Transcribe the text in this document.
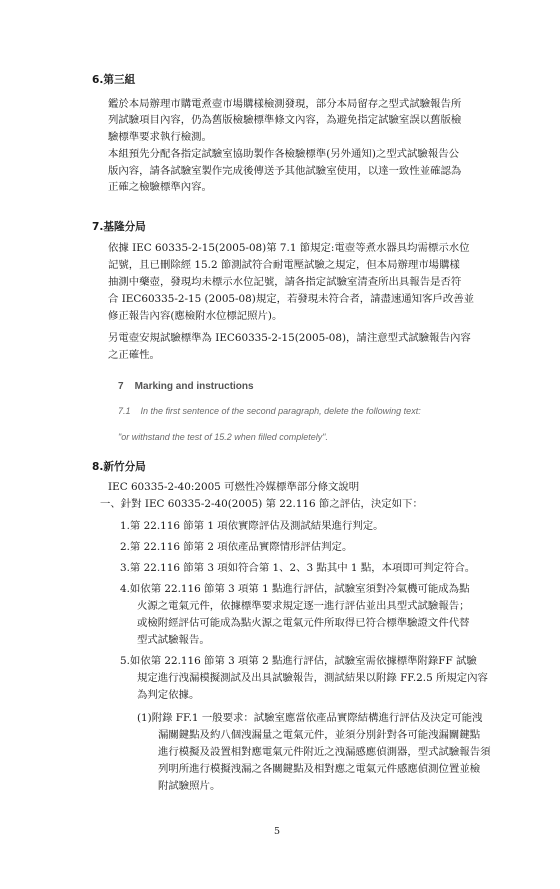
6.第三組
鑑於本局辦理市購電煮壺市場購樣檢測發現，部分本局留存之型式試驗報告所
列試驗項目內容，仍為舊版檢驗標準條文內容，為避免指定試驗室誤以舊版檢
驗標準要求執行檢測。
本組預先分配各指定試驗室協助製作各檢驗標準(另外通知)之型式試驗報告公
版內容，請各試驗室製作完成後傳送予其他試驗室使用，以達一致性並確認為
正確之檢驗標準內容。
7.基隆分局
依據 IEC 60335-2-15(2005-08)第 7.1 節規定:電壺等煮水器具均需標示水位
記號，且已刪除經 15.2 節測試符合耐電壓試驗之規定，但本局辦理市場購樣
抽測中藥壺，發現均未標示水位記號，請各指定試驗室清查所出具報告是否符
合 IEC60335-2-15 (2005-08)規定，若發現未符合者，請盡速通知客戶改善並
修正報告內容(應檢附水位標記照片)。
另電壺安規試驗標準為 IEC60335-2-15(2005-08)，請注意型式試驗報告內容
之正確性。
7    Marking and instructions
7.1    In the first sentence of the second paragraph, delete the following text:
"or withstand the test of 15.2 when filled completely".
8.新竹分局
IEC 60335-2-40:2005 可燃性冷媒標準部分條文說明
一、針對 IEC 60335-2-40(2005) 第 22.116 節之評估，決定如下：
1.第 22.116 節第 1 項依實際評估及測試結果進行判定。
2.第 22.116 節第 2 項依產品實際情形評估判定。
3.第 22.116 節第 3 項如符合第 1、2、3 點其中 1 點，本項即可判定符合。
4.如依第 22.116 節第 3 項第 1 點進行評估，試驗室須對冷氣機可能成為點
火源之電氣元件，依據標準要求規定逐一進行評估並出具型式試驗報告；
或檢附經評估可能成為點火源之電氣元件所取得已符合標準驗證文件代替
型式試驗報告。
5.如依第 22.116 節第 3 項第 2 點進行評估，試驗室需依據標準附錄FF 試驗
規定進行洩漏模擬測試及出具試驗報告，測試結果以附錄 FF.2.5 所規定內容
為判定依據。
(1)附錄 FF.1 一般要求：試驗室應當依產品實際結構進行評估及決定可能洩
漏關鍵點及約八個洩漏量之電氣元件，並須分別針對各可能洩漏關鍵點
進行模擬及設置相對應電氣元件附近之洩漏感應偵測器，型式試驗報告須
列明所進行模擬洩漏之各關鍵點及相對應之電氣元件感應偵測位置並檢
附試驗照片。
5
